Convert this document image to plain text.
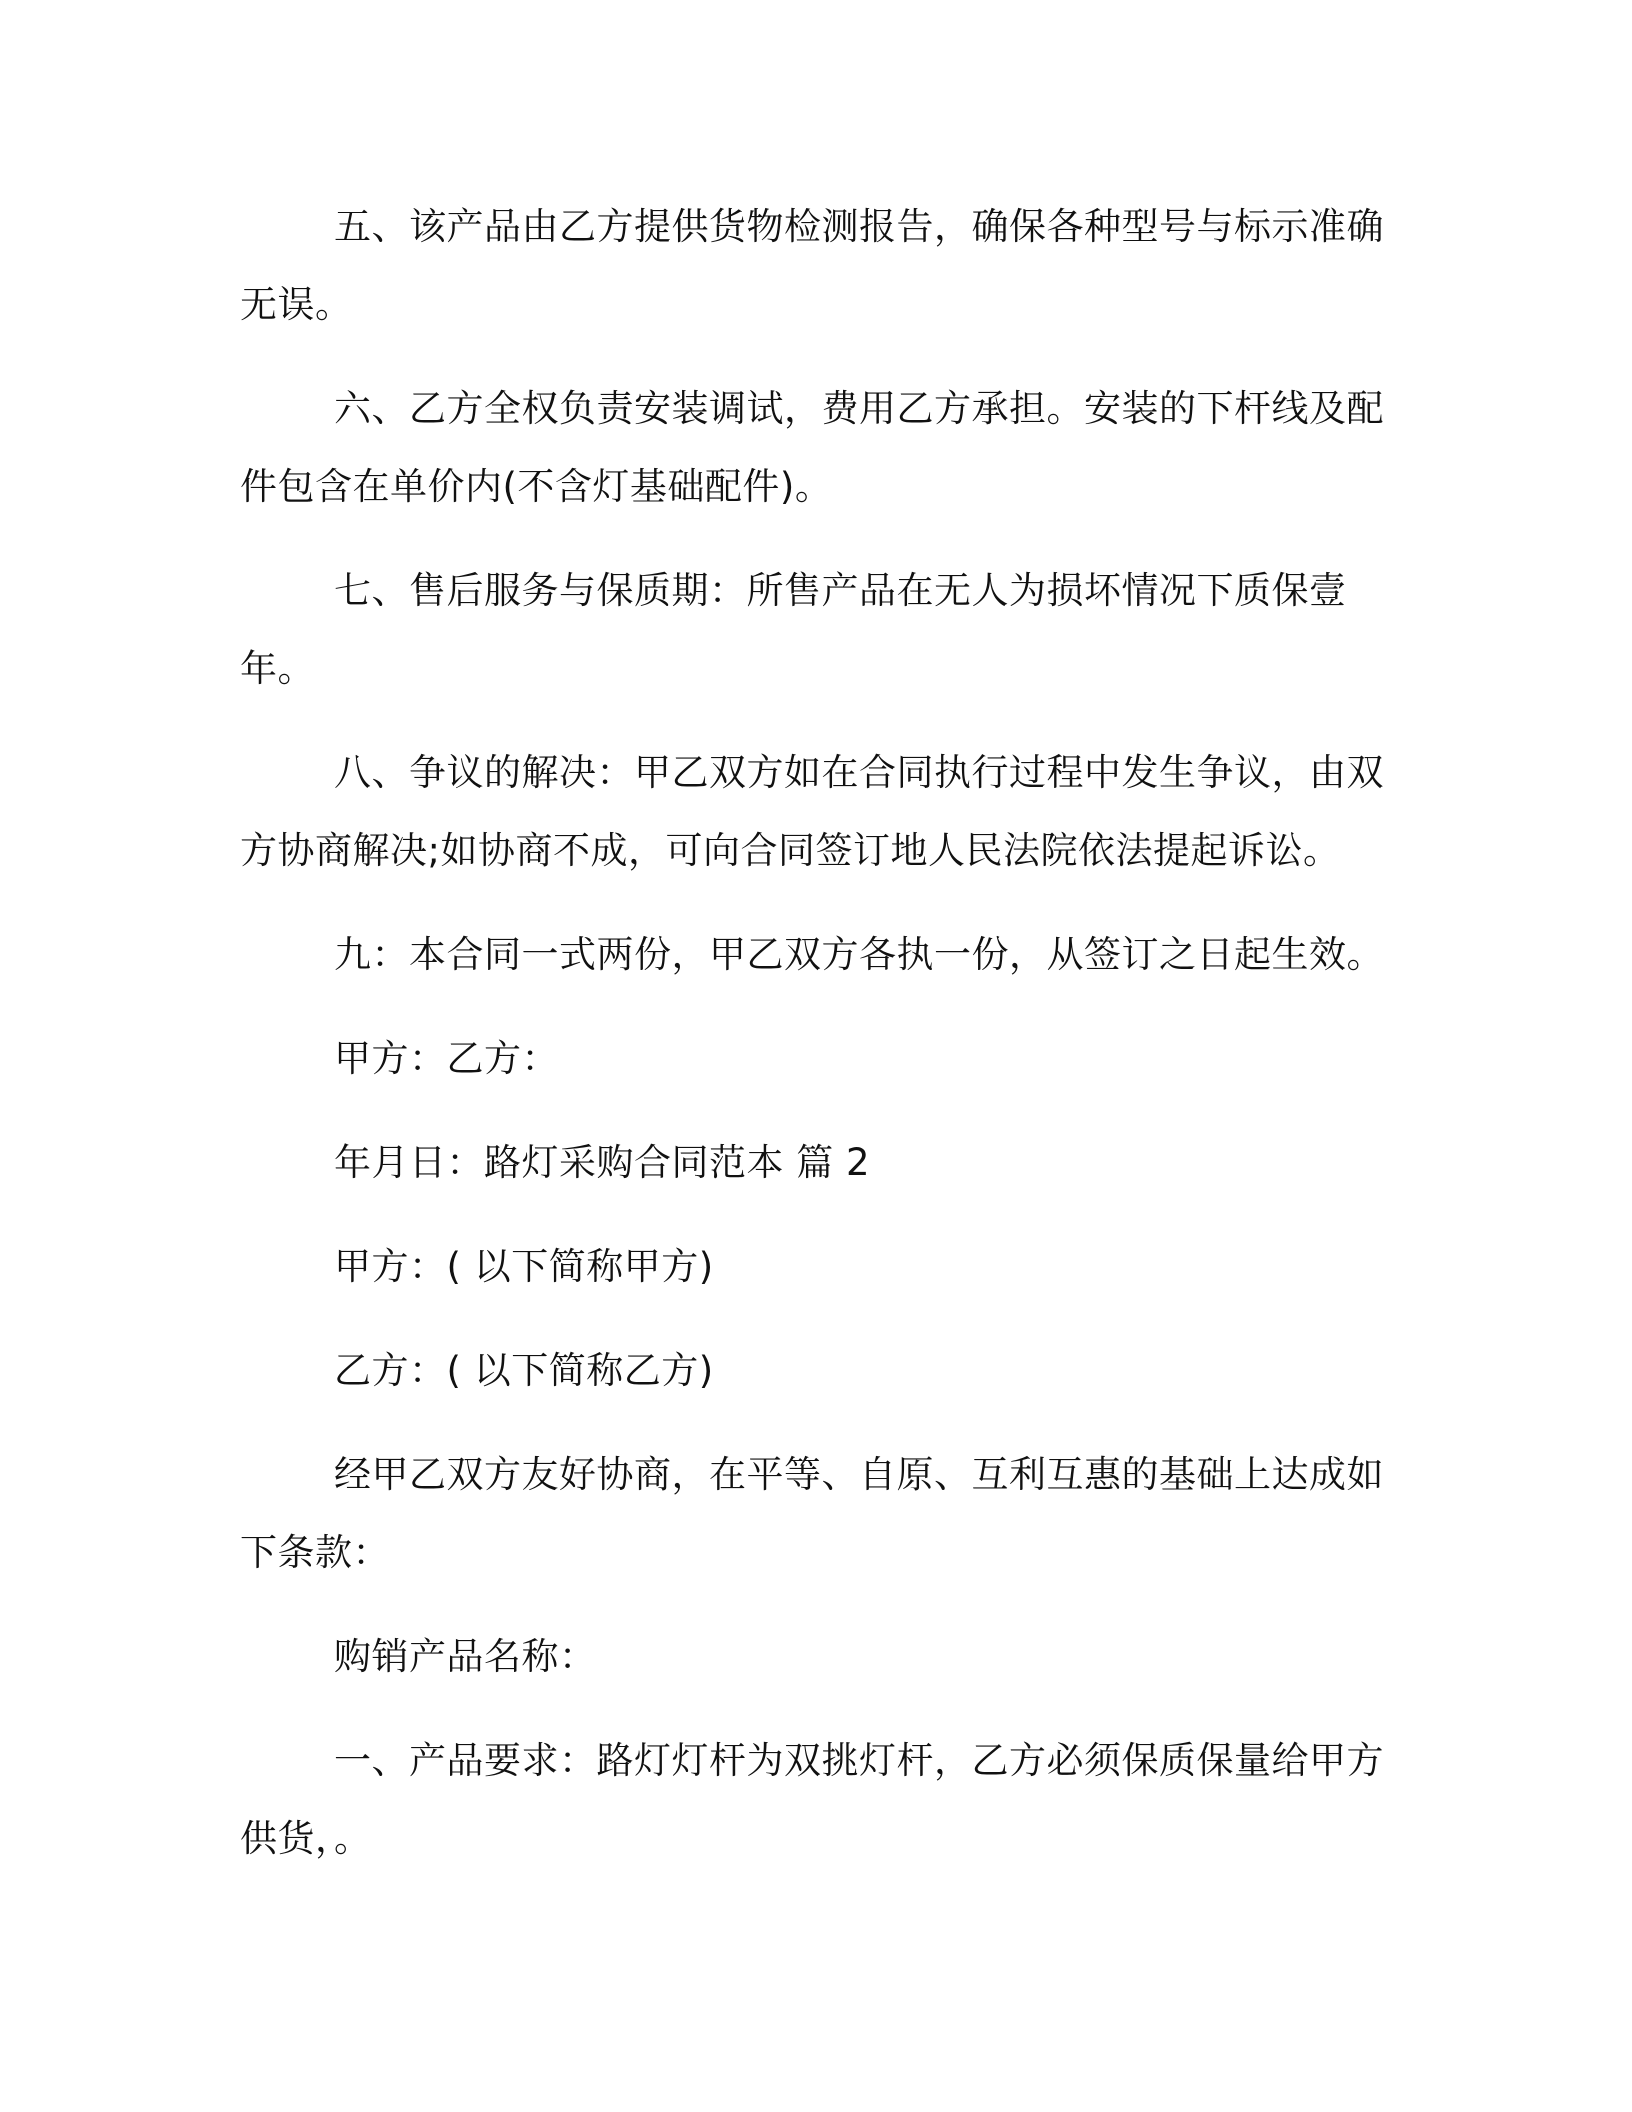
五、该产品由乙方提供货物检测报告，确保各种型号与标示准确无误。

六、乙方全权负责安装调试，费用乙方承担。安装的下杆线及配件包含在单价内(不含灯基础配件)。

七、售后服务与保质期：所售产品在无人为损坏情况下质保壹年。

八、争议的解决：甲乙双方如在合同执行过程中发生争议，由双方协商解决;如协商不成，可向合同签订地人民法院依法提起诉讼。

九：本合同一式两份，甲乙双方各执一份，从签订之日起生效。

甲方：乙方：

年月日：路灯采购合同范本 篇 2

甲方：( 以下简称甲方)

乙方：( 以下简称乙方)

经甲乙双方友好协商，在平等、自原、互利互惠的基础上达成如下条款：

购销产品名称：

一、产品要求：路灯灯杆为双挑灯杆，乙方必须保质保量给甲方供货，。
